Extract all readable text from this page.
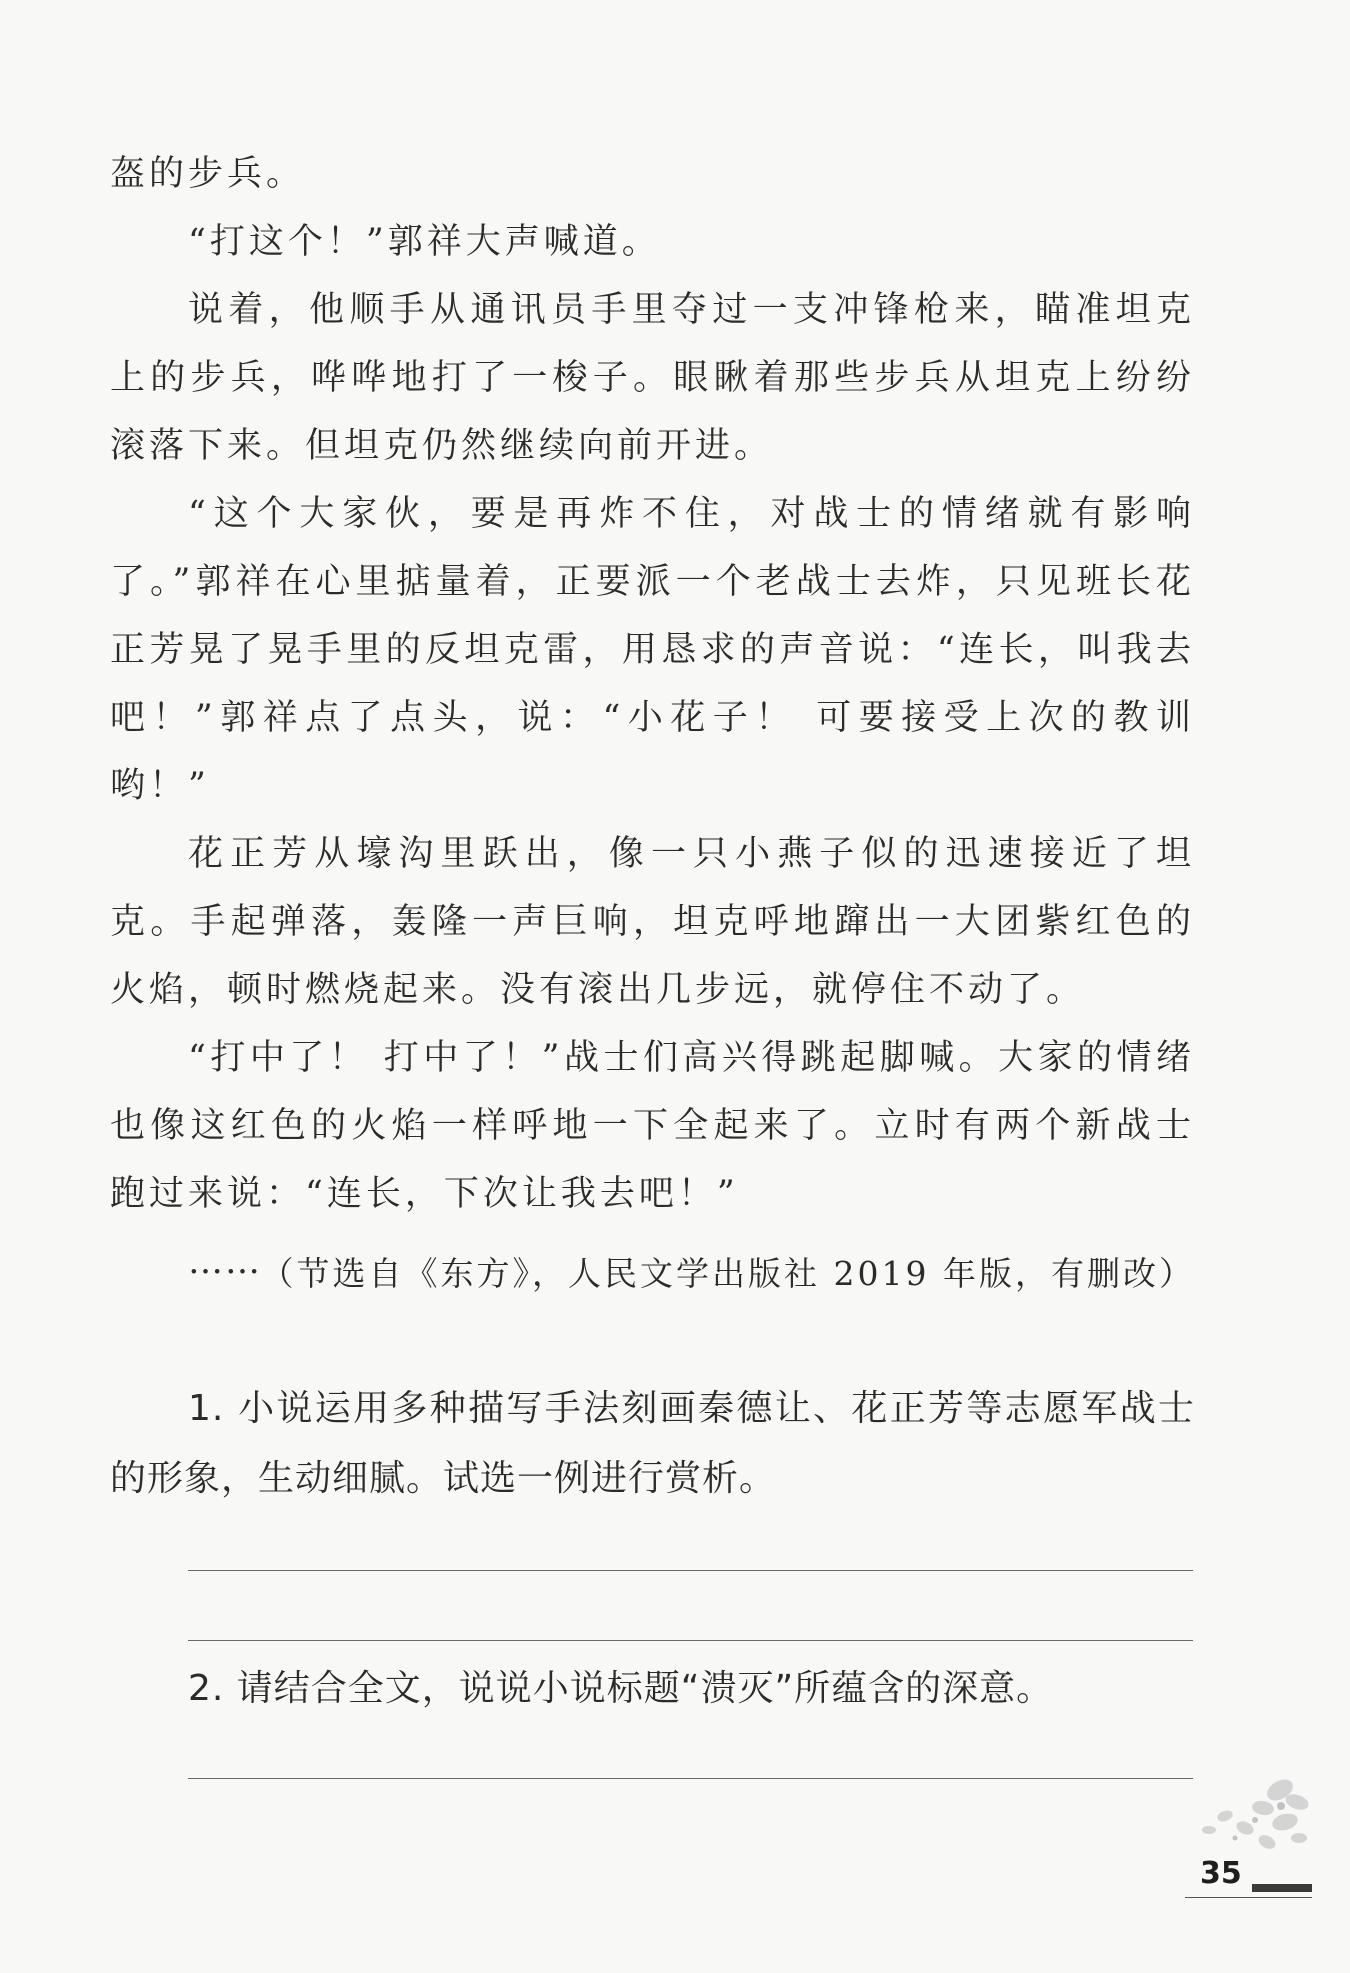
盔的步兵。

“打这个！”郭祥大声喊道。

说着，他顺手从通讯员手里夺过一支冲锋枪来，瞄准坦克上的步兵，哗哗地打了一梭子。眼瞅着那些步兵从坦克上纷纷滚落下来。但坦克仍然继续向前开进。

“这个大家伙，要是再炸不住，对战士的情绪就有影响了。”郭祥在心里掂量着，正要派一个老战士去炸，只见班长花正芳晃了晃手里的反坦克雷，用恳求的声音说：“连长，叫我去吧！”郭祥点了点头，说：“小花子！ 可要接受上次的教训哟！”

花正芳从壕沟里跃出，像一只小燕子似的迅速接近了坦克。手起弹落，轰隆一声巨响，坦克呼地蹿出一大团紫红色的火焰，顿时燃烧起来。没有滚出几步远，就停住不动了。

“打中了！ 打中了！”战士们高兴得跳起脚喊。大家的情绪也像这红色的火焰一样呼地一下全起来了。立时有两个新战士跑过来说：“连长，下次让我去吧！”

……

（节选自《东方》，人民文学出版社 2019 年版，有删改）

1. 小说运用多种描写手法刻画秦德让、花正芳等志愿军战士的形象，生动细腻。试选一例进行赏析。

2. 请结合全文，说说小说标题“溃灭”所蕴含的深意。

35
